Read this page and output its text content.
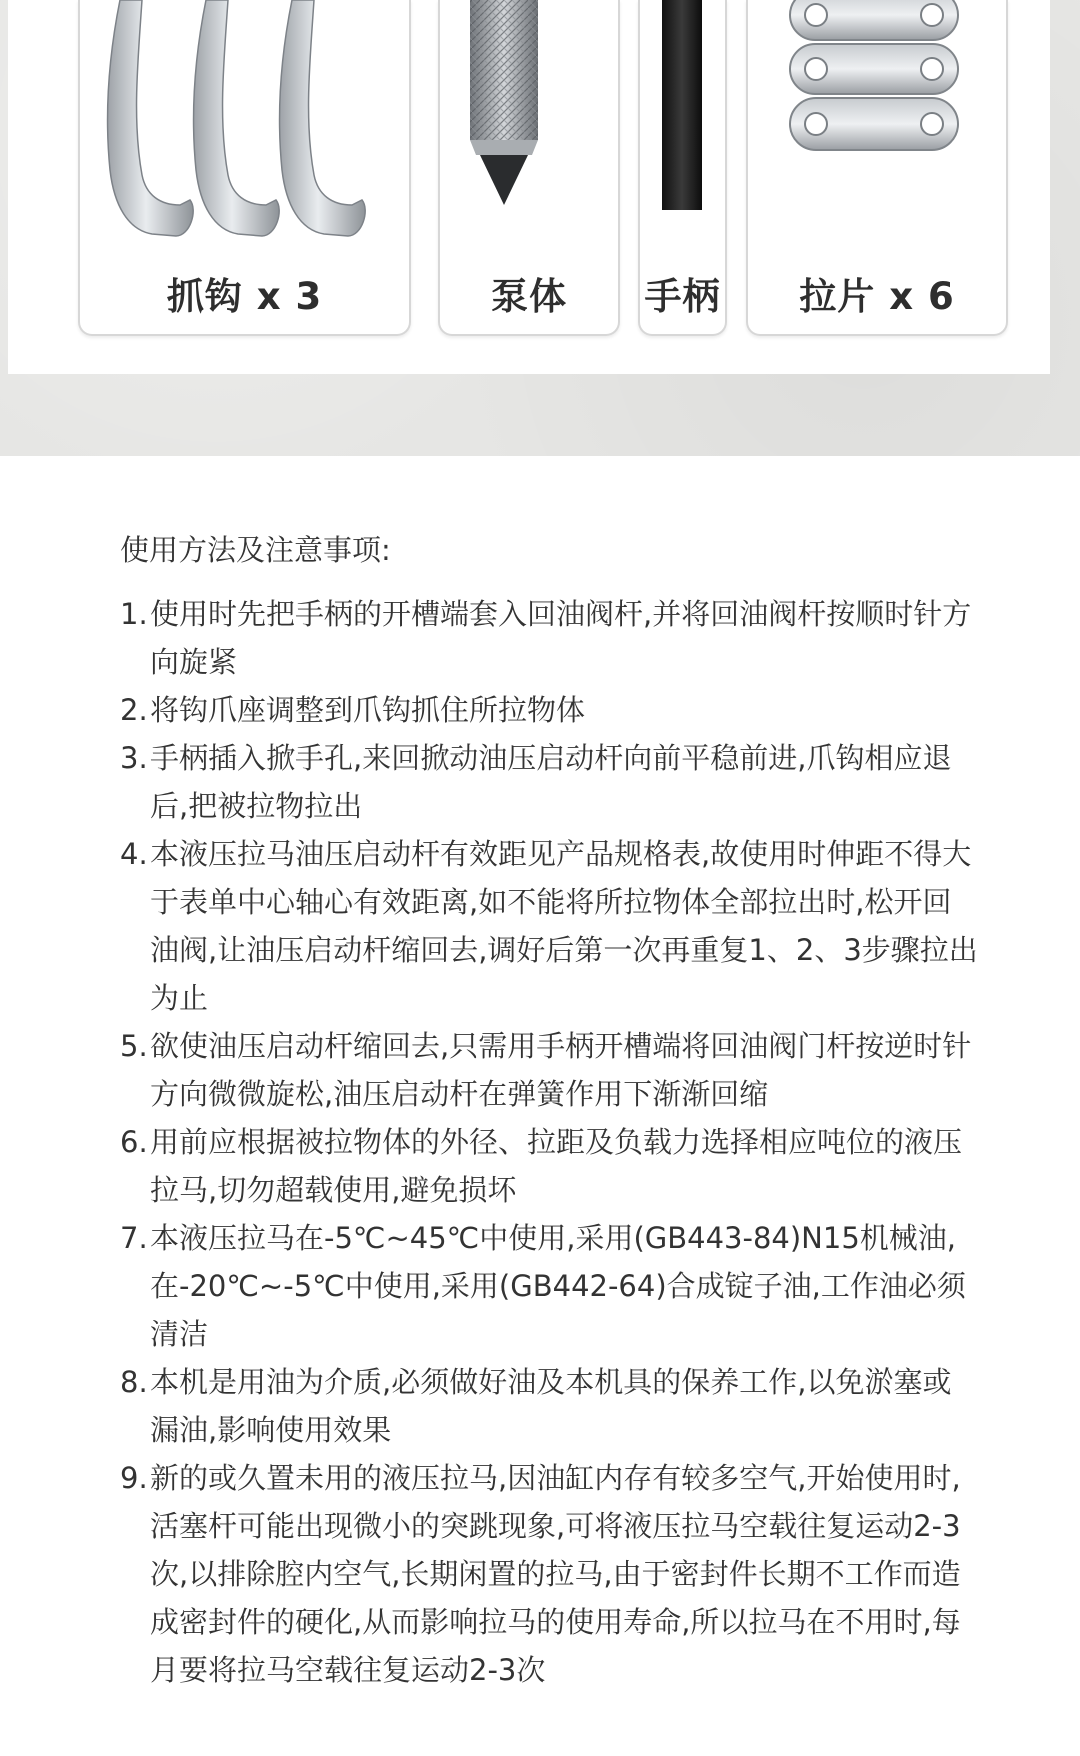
抓钩 x 3	泵体	手柄	拉片 x 6
使用方法及注意事项:
1. 使用时先把手柄的开槽端套入回油阀杆,并将回油阀杆按顺时针方向旋紧
2. 将钩爪座调整到爪钩抓住所拉物体
3. 手柄插入掀手孔,来回掀动油压启动杆向前平稳前进,爪钩相应退后,把被拉物拉出
4. 本液压拉马油压启动杆有效距见产品规格表,故使用时伸距不得大于表单中心轴心有效距离,如不能将所拉物体全部拉出时,松开回油阀,让油压启动杆缩回去,调好后第一次再重复1、2、3步骤拉出为止
5. 欲使油压启动杆缩回去,只需用手柄开槽端将回油阀门杆按逆时针方向微微旋松,油压启动杆在弹簧作用下渐渐回缩
6. 用前应根据被拉物体的外径、拉距及负载力选择相应吨位的液压拉马,切勿超载使用,避免损坏
7. 本液压拉马在-5℃~45℃中使用,采用(GB443-84)N15机械油,在-20℃~-5℃中使用,采用(GB442-64)合成锭子油,工作油必须清洁
8. 本机是用油为介质,必须做好油及本机具的保养工作,以免淤塞或漏油,影响使用效果
9. 新的或久置未用的液压拉马,因油缸内存有较多空气,开始使用时,活塞杆可能出现微小的突跳现象,可将液压拉马空载往复运动2-3次,以排除腔内空气,长期闲置的拉马,由于密封件长期不工作而造成密封件的硬化,从而影响拉马的使用寿命,所以拉马在不用时,每月要将拉马空载往复运动2-3次
